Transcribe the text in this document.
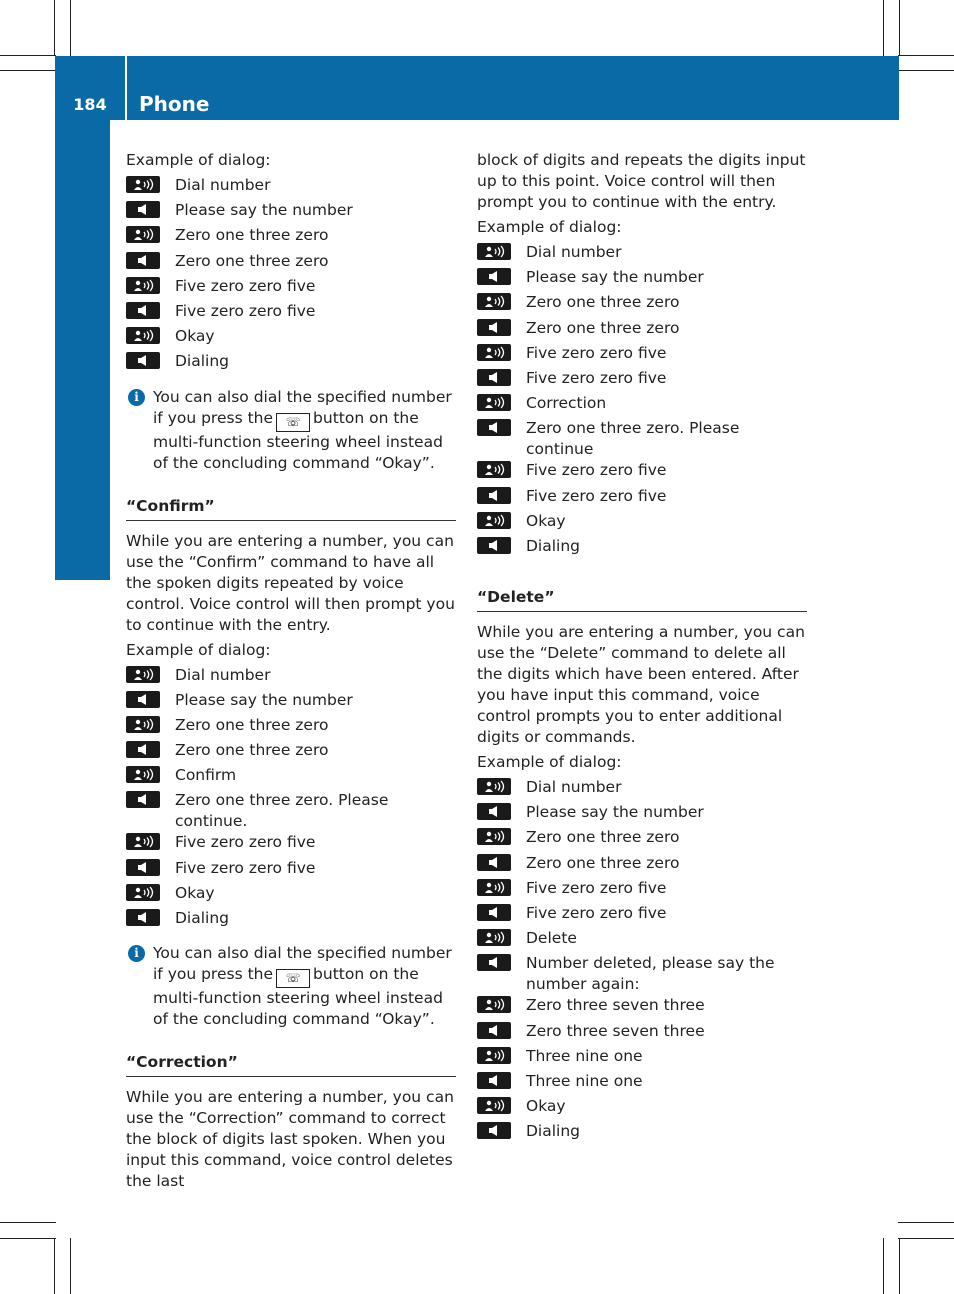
184	Phone

Example of dialog:

Dial number
Please say the number
Zero one three zero
Zero one three zero
Five zero zero five
Five zero zero five
Okay
Dialing
i You can also dial the specified number if you press the ☏ button on the multi-function steering wheel instead of the concluding command “Okay”.
“Confirm”

While you are entering a number, you can use the “Confirm” command to have all the spoken digits repeated by voice control. Voice control will then prompt you to continue with the entry.

Example of dialog:

Dial number
Please say the number
Zero one three zero
Zero one three zero
Confirm
Zero one three zero. Please continue.
Five zero zero five
Five zero zero five
Okay
Dialing
i You can also dial the specified number if you press the ☏ button on the multi-function steering wheel instead of the concluding command “Okay”.
“Correction”

While you are entering a number, you can use the “Correction” command to correct the block of digits last spoken. When you input this command, voice control deletes the last

block of digits and repeats the digits input up to this point. Voice control will then prompt you to continue with the entry.

Example of dialog:

Dial number
Please say the number
Zero one three zero
Zero one three zero
Five zero zero five
Five zero zero five
Correction
Zero one three zero. Please continue
Five zero zero five
Five zero zero five
Okay
Dialing
“Delete”

While you are entering a number, you can use the “Delete” command to delete all the digits which have been entered. After you have input this command, voice control prompts you to enter additional digits or commands.

Example of dialog:

Dial number
Please say the number
Zero one three zero
Zero one three zero
Five zero zero five
Five zero zero five
Delete
Number deleted, please say the number again:
Zero three seven three
Zero three seven three
Three nine one
Three nine one
Okay
Dialing
